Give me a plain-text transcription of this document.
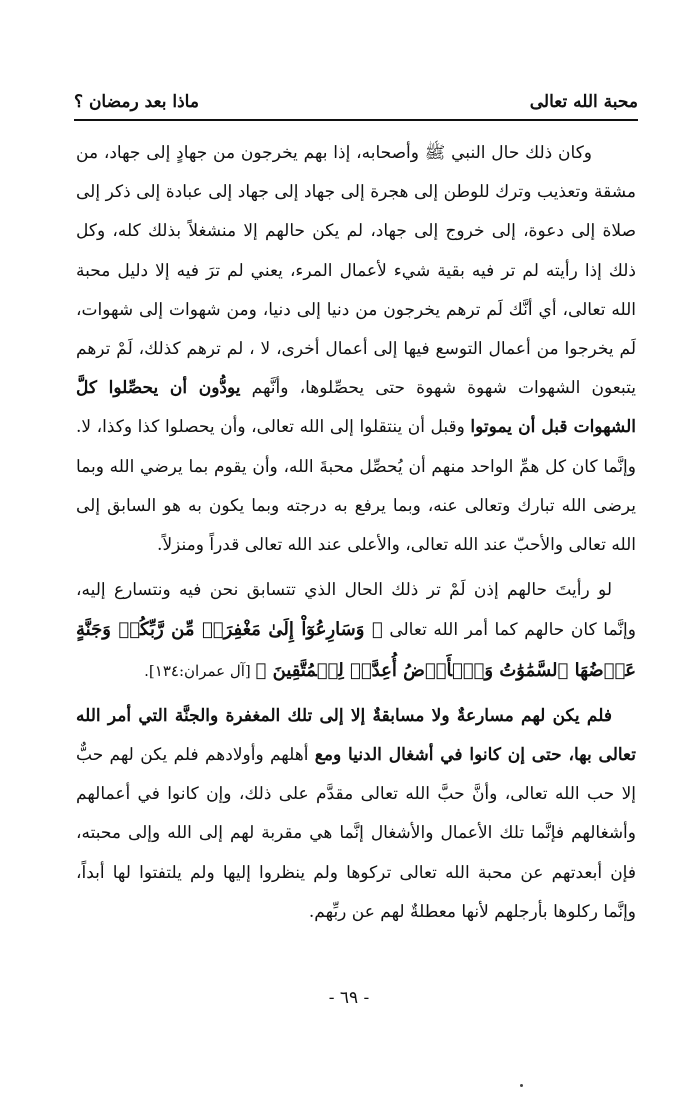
محبة الله تعالى
ماذا بعد رمضان ؟

وكان ذلك حال النبي ﷺ وأصحابه، إذا بهم يخرجون من جهادٍ إلى جهاد، من مشقة وتعذيب وترك للوطن إلى هجرة إلى جهاد إلى جهاد إلى عبادة إلى ذكر إلى صلاة إلى دعوة، إلى خروج إلى جهاد، لم يكن حالهم إلا منشغلاً بذلك كله، وكل ذلك إذا رأيته لم تر فيه بقية شيء لأعمال المرء، يعني لم ترَ فيه إلا دليل محبة الله تعالى، أي أنَّك لَم ترهم يخرجون من دنيا إلى دنيا، ومن شهوات إلى شهوات، لَم يخرجوا من أعمال التوسع فيها إلى أعمال أخرى، لا ، لم ترهم كذلك، لَمْ ترهم يتبعون الشهوات شهوة شهوة حتى يحصِّلوها، وأنَّهم يودُّون أن يحصِّلوا كلَّ الشهوات قبل أن يموتوا وقبل أن ينتقلوا إلى الله تعالى، وأن يحصلوا كذا وكذا، لا. وإنَّما كان كل همِّ الواحد منهم أن يُحصِّل محبةَ الله، وأن يقوم بما يرضي الله وبما يرضى الله تبارك وتعالى عنه، وبما يرفع به درجته وبما يكون به هو السابق إلى الله تعالى والأحبّ عند الله تعالى، والأعلى عند الله تعالى قدراً ومنزلاً.

لو رأيتَ حالهم إذن لَمْ تر ذلك الحال الذي تتسابق نحن فيه ونتسارع إليه، وإنَّما كان حالهم كما أمر الله تعالى ﴿ وَسَارِعُوٓاْ إِلَىٰ مَغْفِرَةٖ مِّن رَّبِّكُمۡ وَجَنَّةٍ عَرۡضُهَا ٱلسَّمَٰوَٰتُ وَٱلۡأَرۡضُ أُعِدَّتۡ لِلۡمُتَّقِينَ ﴾ [آل عمران:١٣٤].

فلم يكن لهم مسارعةٌ ولا مسابقةٌ إلا إلى تلك المغفرة والجنَّة التي أمر الله تعالى بها، حتى إن كانوا في أشغال الدنيا ومع أهلهم وأولادهم فلم يكن لهم حبٌّ إلا حب الله تعالى، وأنَّ حبَّ الله تعالى مقدَّم على ذلك، وإن كانوا في أعمالهم وأشغالهم فإنَّما تلك الأعمال والأشغال إنَّما هي مقربة لهم إلى الله وإلى محبته، فإن أبعدتهم عن محبة الله تعالى تركوها ولم ينظروا إليها ولم يلتفتوا لها أبداً، وإنَّما ركلوها بأرجلهم لأنها معطلةٌ لهم عن ربِّهم.

- ٦٩ -
